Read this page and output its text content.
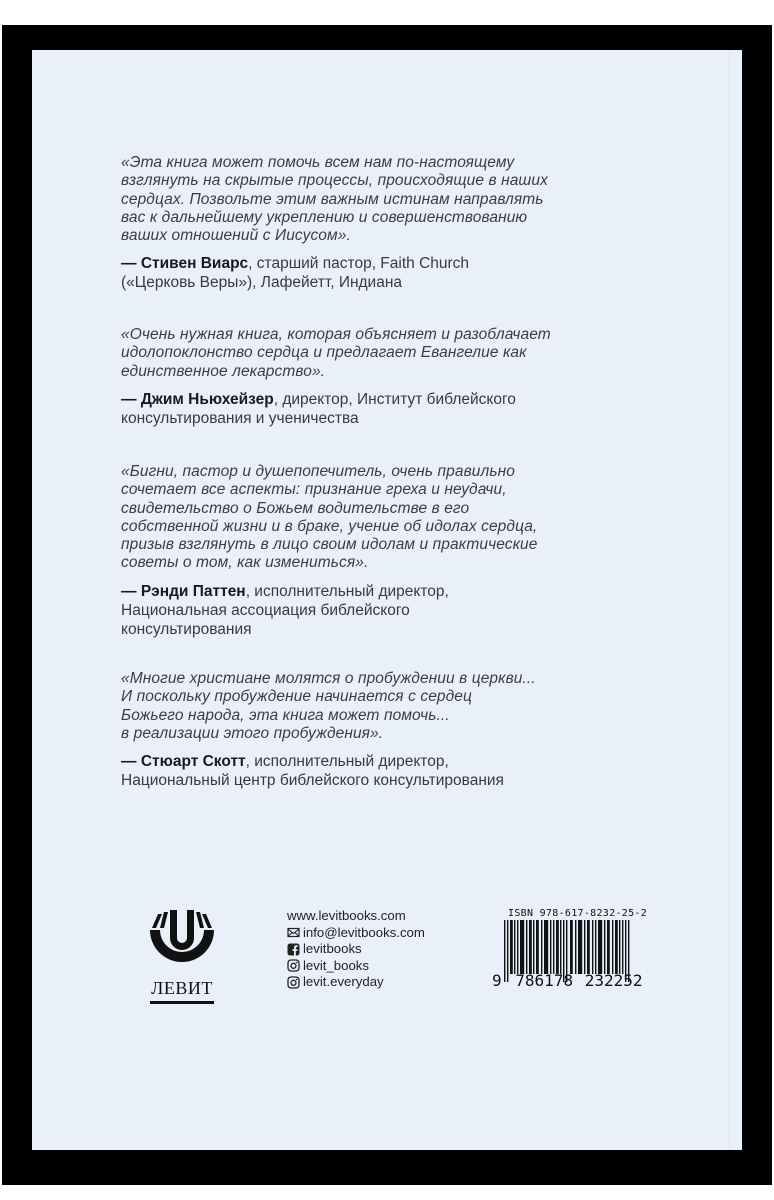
«Эта книга может помочь всем нам по-настоящему
взглянуть на скрытые процессы, происходящие в наших
сердцах. Позвольте этим важным истинам направлять
вас к дальнейшему укреплению и совершенствованию
ваших отношений с Иисусом».

— Стивен Виарс, старший пастор, Faith Church
(«Церковь Веры»), Лафейетт, Индиана

«Очень нужная книга, которая объясняет и разоблачает
идолопоклонство сердца и предлагает Евангелие как
единственное лекарство».

— Джим Ньюхейзер, директор, Институт библейского
консультирования и ученичества

«Бигни, пастор и душепопечитель, очень правильно
сочетает все аспекты: признание греха и неудачи,
свидетельство о Божьем водительстве в его
собственной жизни и в браке, учение об идолах сердца,
призыв взглянуть в лицо своим идолам и практические
советы о том, как измениться».

— Рэнди Паттен, исполнительный директор,
Национальная ассоциация библейского
консультирования

«Многие христиане молятся о пробуждении в церкви...
И поскольку пробуждение начинается с сердец
Божьего народа, эта книга может помочь...
в реализации этого пробуждения».

— Стюарт Скотт, исполнительный директор,
Национальный центр библейского консультирования
ЛЕВИТ
www.levitbooks.com
info@levitbooks.com
levitbooks
levit_books
levit.everyday
ISBN 978-617-8232-25-2
9 786178 232252
